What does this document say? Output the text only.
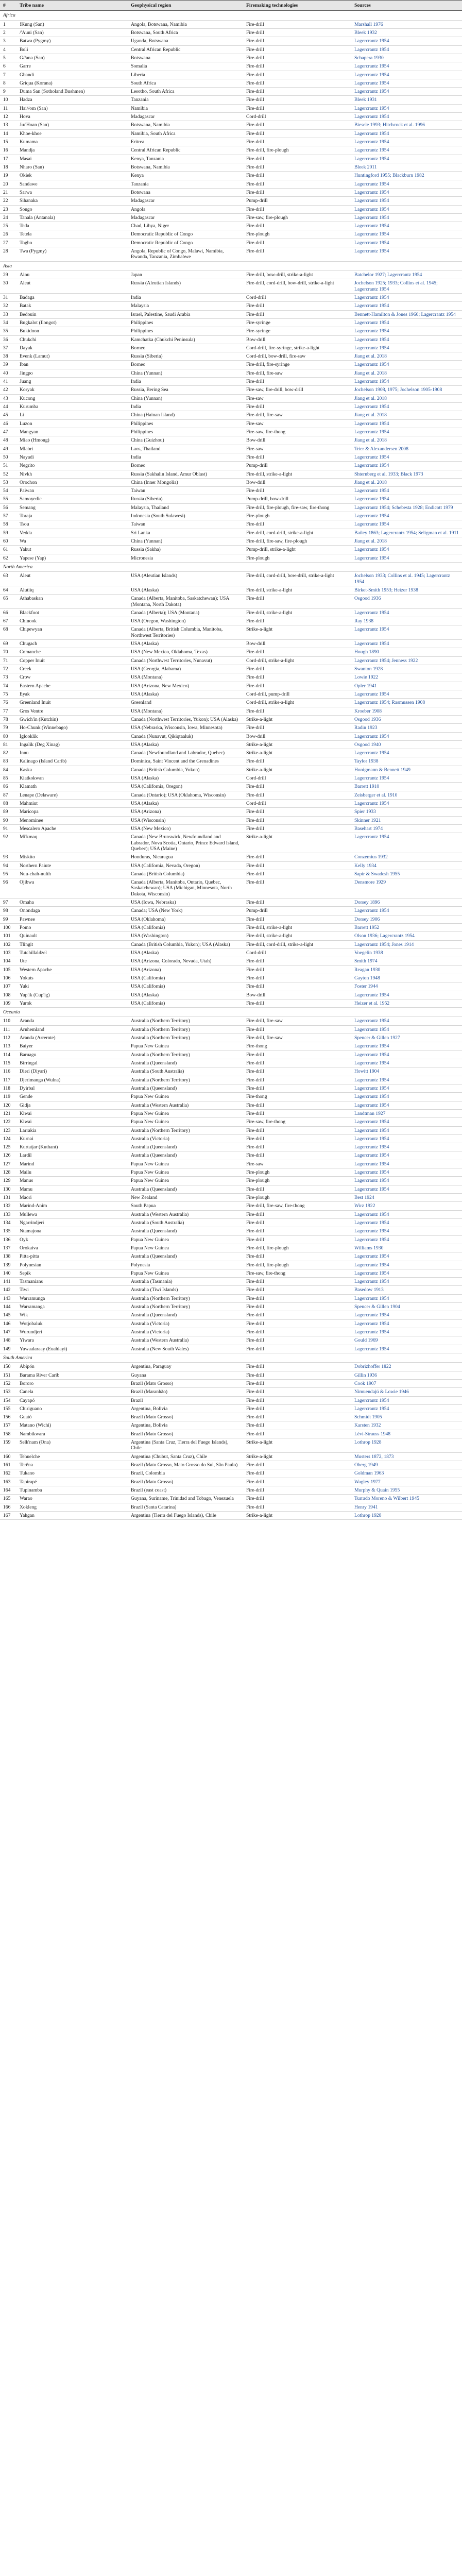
#	Tribe name	Geophysical region	Firemaking technologies	Sources
Africa				
1	!Kung (San)	Angola, Botswana, Namibia	Fire-drill	Marshall 1976
2	/'Auni (San)	Botswana, South Africa	Fire-drill	Bleek 1932
3	Batwa (Pygmy)	Uganda, Botswana	Fire-drill	Lagercrantz 1954
4	Boli	Central African Republic	Fire-drill	Lagercrantz 1954
5	G//ana (San)	Botswana	Fire-drill	Schapera 1930
6	Garre	Somalia	Fire-drill	Lagercrantz 1954
7	Gbandi	Liberia	Fire-drill	Lagercrantz 1954
8	Griqua (Korana)	South Africa	Fire-drill	Lagercrantz 1954
9	Duma San (Sotholand Bushmen)	Lesotho, South Africa	Fire-drill	Lagercrantz 1954
10	Hadza	Tanzania	Fire-drill	Bleek 1931
11	Hai//om (San)	Namibia	Fire-drill	Lagercrantz 1954
12	Hova	Madagascar	Cord-drill	Lagercrantz 1954
13	Ju/'Hoan (San)	Botswana, Namibia	Fire-drill	Biesele 1993; Hitchcock et al. 1996
14	Khoe-khoe	Namibia, South Africa	Fire-drill	Lagercrantz 1954
15	Kumama	Eritrea	Fire-drill	Lagercrantz 1954
16	Mandja	Central African Republic	Fire-drill, fire-plough	Lagercrantz 1954
17	Masai	Kenya, Tanzania	Fire-drill	Lagercrantz 1954
18	Nharo (San)	Botswana, Namibia	Fire-drill	Bleek 2011
19	Okiek	Kenya	Fire-drill	Huntingford 1955; Blackburn 1982
20	Sandawe	Tanzania	Fire-drill	Lagercrantz 1954
21	Sarwa	Botswana	Fire-drill	Lagercrantz 1954
22	Sihanaka	Madagascar	Pump-drill	Lagercrantz 1954
23	Songo	Angola	Fire-drill	Lagercrantz 1954
24	Tanala (Antanala)	Madagascar	Fire-saw, fire-plough	Lagercrantz 1954
25	Teda	Chad, Libya, Niger	Fire-drill	Lagercrantz 1954
26	Tetela	Democratic Republic of Congo	Fire-plough	Lagercrantz 1954
27	Togbo	Democratic Republic of Congo	Fire-drill	Lagercrantz 1954
28	Twa (Pygmy)	Angola, Republic of Congo, Malawi, Namibia, Rwanda, Tanzania, Zimbabwe	Fire-drill	Lagercrantz 1954
Asia				
29	Ainu	Japan	Fire-drill, bow-drill, strike-a-light	Batchelor 1927; Lagercrantz 1954
30	Aleut	Russia (Aleutian Islands)	Fire-drill, cord-drill, bow-drill, strike-a-light	Jochelson 1925; 1933; Collins et al. 1945; Lagercrantz 1954
31	Badaga	India	Cord-drill	Lagercrantz 1954
32	Batak	Malaysia	Fire-drill	Lagercrantz 1954
33	Bedouin	Israel, Palestine, Saudi Arabia	Fire-drill	Bennett-Hamilton & Jones 1960; Lagercrantz 1954
34	Bugkalot (Ilongot)	Philippines	Fire-syringe	Lagercrantz 1954
35	Bukidnon	Philippines	Fire-syringe	Lagercrantz 1954
36	Chukchi	Kamchatka (Chukchi Peninsula)	Bow-drill	Lagercrantz 1954
37	Dayak	Borneo	Cord-drill, fire-syringe, strike-a-light	Lagercrantz 1954
38	Evenk (Lamut)	Russia (Siberia)	Cord-drill, bow-drill, fire-saw	Jiang et al. 2018
39	Iban	Borneo	Fire-drill, fire-syringe	Lagercrantz 1954
40	Jingpo	China (Yunnan)	Fire-drill, fire-saw	Jiang et al. 2018
41	Juang	India	Fire-drill	Lagercrantz 1954
42	Koryak	Russia, Bering Sea	Fire-saw, fire-drill, bow-drill	Jochelson 1908, 1975; Jochelson 1905-1908
43	Kucong	China (Yunnan)	Fire-saw	Jiang et al. 2018
44	Kurumba	India	Fire-drill	Lagercrantz 1954
45	Li	China (Hainan Island)	Fire-drill, fire-saw	Jiang et al. 2018
46	Luzon	Philippines	Fire-saw	Lagercrantz 1954
47	Mangyan	Philippines	Fire-saw, fire-thong	Lagercrantz 1954
48	Miao (Hmong)	China (Guizhou)	Bow-drill	Jiang et al. 2018
49	Mlabri	Laos, Thailand	Fire-saw	Trier & Alexandersen 2008
50	Nayadi	India	Fire-drill	Lagercrantz 1954
51	Negrito	Borneo	Pump-drill	Lagercrantz 1954
52	Nivkh	Russia (Sakhalin Island, Amur Oblast)	Fire-drill, strike-a-light	Shternberg et al. 1933; Black 1973
53	Orochon	China (Inner Mongolia)	Bow-drill	Jiang et al. 2018
54	Paiwan	Taiwan	Fire-drill	Lagercrantz 1954
55	Samoyedic	Russia (Siberia)	Pump-drill, bow-drill	Lagercrantz 1954
56	Semang	Malaysia, Thailand	Fire-drill, fire-plough, fire-saw, fire-thong	Lagercrantz 1954; Schebesta 1928; Endicott 1979
57	Toraja	Indonesia (South Sulawesi)	Fire-plough	Lagercrantz 1954
58	Tsou	Taiwan	Fire-drill	Lagercrantz 1954
59	Vedda	Sri Lanka	Fire-drill, cord-drill, strike-a-light	Bailey 1863; Lagercrantz 1954; Seligman et al. 1911
60	Wa	China (Yunnan)	Fire-drill, fire-saw, fire-plough	Jiang et al. 2018
61	Yakut	Russia (Sakha)	Pump-drill, strike-a-light	Lagercrantz 1954
62	Yapese (Yap)	Micronesia	Fire-plough	Lagercrantz 1954
North America				
63	Aleut	USA (Aleutian Islands)	Fire-drill, cord-drill, bow-drill, strike-a-light	Jochelson 1933; Collins et al. 1945; Lagercrantz 1954
64	Alutiiq	USA (Alaska)	Fire-drill, strike-a-light	Birket-Smith 1953; Heizer 1938
65	Athabaskan	Canada (Alberta, Manitoba, Saskatchewan); USA (Montana, North Dakota)	Fire-drill	Osgood 1936
66	Blackfoot	Canada (Alberta); USA (Montana)	Fire-drill, strike-a-light	Lagercrantz 1954
67	Chinook	USA (Oregon, Washington)	Fire-drill	Ray 1938
68	Chipewyan	Canada (Alberta, British Columbia, Manitoba, Northwest Territories)	Strike-a-light	Lagercrantz 1954
69	Chugach	USA (Alaska)	Bow-drill	Lagercrantz 1954
70	Comanche	USA (New Mexico, Oklahoma, Texas)	Fire-drill	Hough 1890
71	Copper Inuit	Canada (Northwest Territories, Nunavut)	Cord-drill, strike-a-light	Lagercrantz 1954; Jenness 1922
72	Creek	USA (Georgia, Alabama)	Fire-drill	Swanton 1928
73	Crow	USA (Montana)	Fire-drill	Lowie 1922
74	Eastern Apache	USA (Arizona, New Mexico)	Fire-drill	Opler 1941
75	Eyak	USA (Alaska)	Cord-drill, pump-drill	Lagercrantz 1954
76	Greenland Inuit	Greenland	Cord-drill, strike-a-light	Lagercrantz 1954; Rasmussen 1908
77	Gros Ventre	USA (Montana)	Fire-drill	Kroeber 1908
78	Gwich'in (Kutchin)	Canada (Northwest Territories, Yukon); USA (Alaska)	Strike-a-light	Osgood 1936
79	Ho-Chunk (Winnebago)	USA (Nebraska, Wisconsin, Iowa, Minnesota)	Fire-drill	Radin 1923
80	Iglooklik	Canada (Nunavut, Qikiqtaaluk)	Bow-drill	Lagercrantz 1954
81	Ingalik (Deg Xinag)	USA (Alaska)	Strike-a-light	Osgood 1940
82	Innu	Canada (Newfoundland and Labrador, Quebec)	Strike-a-light	Lagercrantz 1954
83	Kalinago (Island Carib)	Dominica, Saint Vincent and the Grenadines	Fire-drill	Taylor 1938
84	Kaska	Canada (British Columbia, Yukon)	Strike-a-light	Honigmann & Bennett 1949
85	Kiatkokwan	USA (Alaska)	Cord-drill	Lagercrantz 1954
86	Klamath	USA (California, Oregon)	Fire-drill	Barrett 1910
87	Lenape (Delaware)	Canada (Ontario); USA (Oklahoma, Wisconsin)	Fire-drill	Zeisberger et al. 1910
88	Mahmiut	USA (Alaska)	Cord-drill	Lagercrantz 1954
89	Maricopa	USA (Arizona)	Fire-drill	Spier 1933
90	Menominee	USA (Wisconsin)	Fire-drill	Skinner 1921
91	Mescalero Apache	USA (New Mexico)	Fire-drill	Basehart 1974
92	Mi'kmaq	Canada (New Brunswick, Newfoundland and Labrador, Nova Scotia, Ontario, Prince Edward Island, Quebec); USA (Maine)	Strike-a-light	Lagercrantz 1954
93	Miskito	Honduras, Nicaragua	Fire-drill	Conzemius 1932
94	Northern Paiute	USA (California, Nevada, Oregon)	Fire-drill	Kelly 1934
95	Nuu-chah-nulth	Canada (British Columbia)	Fire-drill	Sapir & Swadesh 1955
96	Ojibwa	Canada (Alberta, Manitoba, Ontario, Quebec, Saskatchewan); USA (Michigan, Minnesota, North Dakota, Wisconsin)	Fire-drill	Densmore 1929
97	Omaha	USA (Iowa, Nebraska)	Fire-drill	Dorsey 1896
98	Onondaga	Canada; USA (New York)	Pump-drill	Lagercrantz 1954
99	Pawnee	USA (Oklahoma)	Fire-drill	Dorsey 1906
100	Pomo	USA (California)	Fire-drill, strike-a-light	Barrett 1952
101	Quinault	USA (Washington)	Fire-drill, strike-a-light	Olson 1936; Lagercrantz 1954
102	Tlingit	Canada (British Columbia, Yukon); USA (Alaska)	Fire-drill, cord-drill, strike-a-light	Lagercrantz 1954; Jones 1914
103	Tutchillaldzel	USA (Alaska)	Cord-drill	Voegelin 1938
104	Ute	USA (Arizona, Colorado, Nevada, Utah)	Fire-drill	Smith 1974
105	Western Apache	USA (Arizona)	Fire-drill	Reagan 1930
106	Yokuts	USA (California)	Fire-drill	Gayton 1948
107	Yuki	USA (California)	Fire-drill	Foster 1944
108	Yup'ik (Cup'ig)	USA (Alaska)	Bow-drill	Lagercrantz 1954
109	Yurok	USA (California)	Fire-drill	Heizer et al. 1952
Oceania				
110	Aranda	Australia (Northern Territory)	Fire-drill, fire-saw	Lagercrantz 1954
111	Arnhemland	Australia (Northern Territory)	Fire-drill	Lagercrantz 1954
112	Aranda (Arrernte)	Australia (Northern Territory)	Fire-drill, fire-saw	Spencer & Gillen 1927
113	Baiyer	Papua New Guinea	Fire-thong	Lagercrantz 1954
114	Baruagu	Australia (Northern Territory)	Fire-drill	Lagercrantz 1954
115	Birringal	Australia (Queensland)	Fire-drill	Lagercrantz 1954
116	Dieri (Diyari)	Australia (South Australia)	Fire-drill	Howitt 1904
117	Djerimanga (Wulna)	Australia (Northern Territory)	Fire-drill	Lagercrantz 1954
118	Dyirbal	Australia (Queensland)	Fire-drill	Lagercrantz 1954
119	Gende	Papua New Guinea	Fire-thong	Lagercrantz 1954
120	Gidja	Australia (Western Australia)	Fire-drill	Lagercrantz 1954
121	Kiwai	Papua New Guinea	Fire-drill	Landtman 1927
122	Kiwai	Papua New Guinea	Fire-saw, fire-thong	Lagercrantz 1954
123	Larrakia	Australia (Northern Territory)	Fire-drill	Lagercrantz 1954
124	Kurnai	Australia (Victoria)	Fire-drill	Lagercrantz 1954
125	Kurtatjar (Kuthant)	Australia (Queensland)	Fire-drill	Lagercrantz 1954
126	Lardil	Australia (Queensland)	Fire-drill	Lagercrantz 1954
127	Marind	Papua New Guinea	Fire-saw	Lagercrantz 1954
128	Mailu	Papua New Guinea	Fire-plough	Lagercrantz 1954
129	Manus	Papua New Guinea	Fire-plough	Lagercrantz 1954
130	Mamu	Australia (Queensland)	Fire-drill	Lagercrantz 1954
131	Maori	New Zealand	Fire-plough	Best 1924
132	Marind-Anim	South Papua	Fire-drill, fire-saw, fire-thong	Wirz 1922
133	Mullewa	Australia (Western Australia)	Fire-drill	Lagercrantz 1954
134	Ngarrindjeri	Australia (South Australia)	Fire-drill	Lagercrantz 1954
135	Ntamajona	Australia (Queensland)	Fire-drill	Lagercrantz 1954
136	Oyk	Papua New Guinea	Fire-drill	Lagercrantz 1954
137	Orokaiva	Papua New Guinea	Fire-drill, fire-plough	Williams 1930
138	Pitta-pitta	Australia (Queensland)	Fire-drill	Lagercrantz 1954
139	Polynesian	Polynesia	Fire-drill, fire-plough	Lagercrantz 1954
140	Sepik	Papua New Guinea	Fire-saw, fire-thong	Lagercrantz 1954
141	Tasmanians	Australia (Tasmania)	Fire-drill	Lagercrantz 1954
142	Tiwi	Australia (Tiwi Islands)	Fire-drill	Basedow 1913
143	Warramunga	Australia (Northern Territory)	Fire-drill	Lagercrantz 1954
144	Warramanga	Australia (Northern Territory)	Fire-drill	Spencer & Gillen 1904
145	Wik	Australia (Queensland)	Fire-drill	Lagercrantz 1954
146	Wotjobaluk	Australia (Victoria)	Fire-drill	Lagercrantz 1954
147	Wurundjeri	Australia (Victoria)	Fire-drill	Lagercrantz 1954
148	Yiwara	Australia (Western Australia)	Fire-drill	Gould 1969
149	Yuwaalaraay (Euahlayi)	Australia (New South Wales)	Fire-drill	Lagercrantz 1954
South America				
150	Abipón	Argentina, Paraguay	Fire-drill	Dobrizhoffer 1822
151	Barama River Carib	Guyana	Fire-drill	Gillin 1936
152	Bororo	Brazil (Mato Grosso)	Fire-drill	Cook 1907
153	Canela	Brazil (Maranhão)	Fire-drill	Nimuendajú & Lowie 1946
154	Cayapó	Brazil	Fire-drill	Lagercrantz 1954
155	Chiriguano	Argentina, Bolivia	Fire-drill	Lagercrantz 1954
156	Guató	Brazil (Mato Grosso)	Fire-drill	Schmidt 1905
157	Matano (Wichi)	Argentina, Bolivia	Fire-drill	Karsten 1932
158	Nambikwara	Brazil (Mato Grosso)	Fire-drill	Lévi-Strauss 1948
159	Selk'nam (Ona)	Argentina (Santa Cruz, Tierra del Fuego Islands), Chile	Strike-a-light	Lothrop 1928
160	Tehuelche	Argentina (Chubut, Santa Cruz), Chile	Strike-a-light	Musters 1872, 1873
161	Terêna	Brazil (Mato Grosso, Mato Grosso do Sul, São Paulo)	Fire-drill	Oberg 1949
162	Tukano	Brazil, Colombia	Fire-drill	Goldman 1963
163	Tapirapé	Brazil (Mato Grosso)	Fire-drill	Wagley 1977
164	Tupinamba	Brazil (east coast)	Fire-drill	Murphy & Quain 1955
165	Warao	Guyana, Suriname, Trinidad and Tobago, Venezuela	Fire-drill	Turrado Moreno & Wilbert 1945
166	Xokleng	Brazil (Santa Catarina)	Fire-drill	Henry 1941
167	Yahgan	Argentina (Tierra del Fuego Islands), Chile	Strike-a-light	Lothrop 1928
